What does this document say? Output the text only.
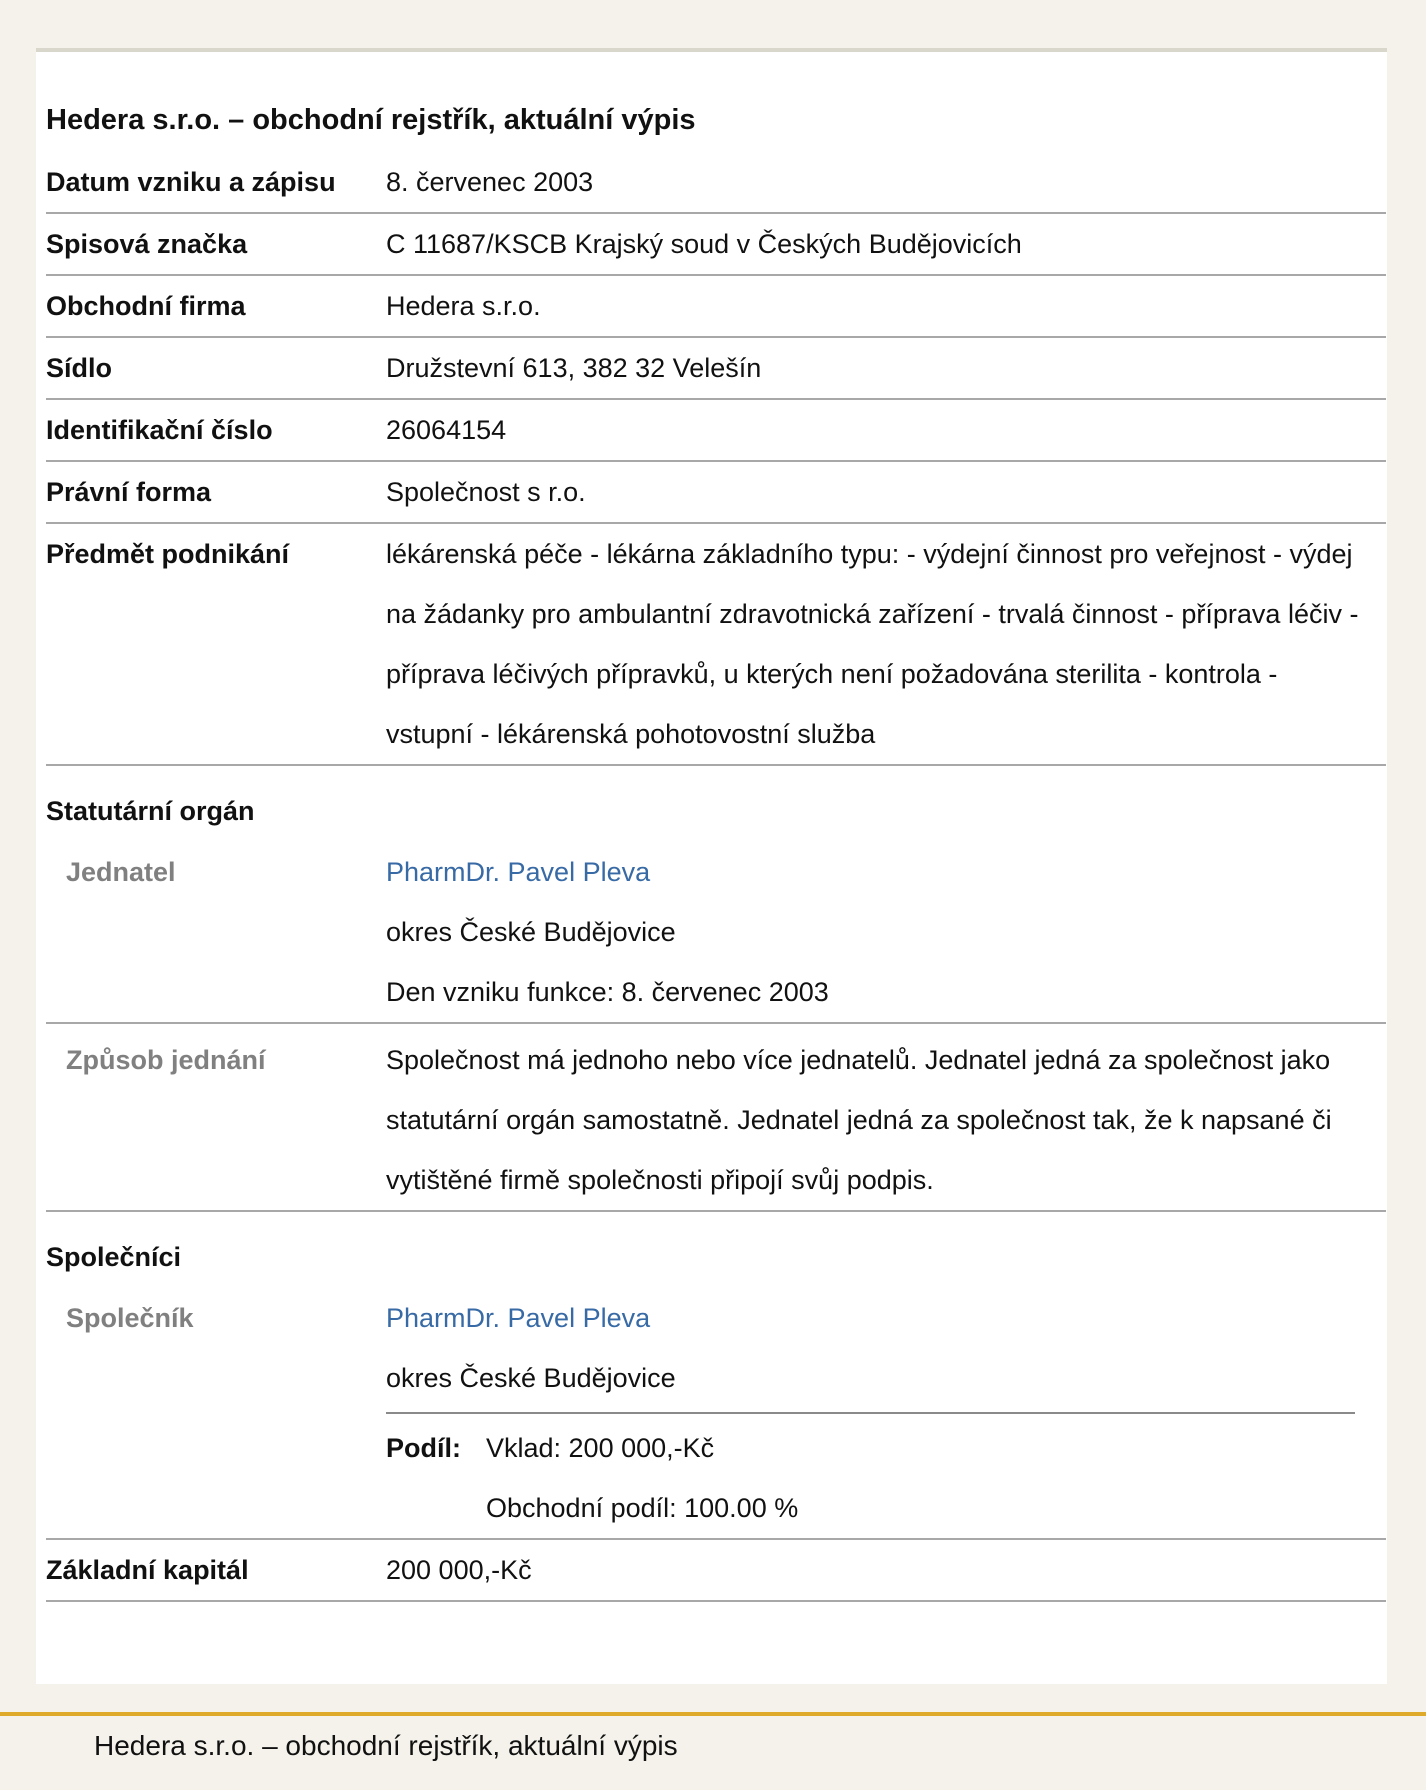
Hedera s.r.o. – obchodní rejstřík, aktuální výpis
Datum vzniku a zápisu	8. červenec 2003
Spisová značka	C 11687/KSCB Krajský soud v Českých Budějovicích
Obchodní firma	Hedera s.r.o.
Sídlo	Družstevní 613, 382 32 Velešín
Identifikační číslo	26064154
Právní forma	Společnost s r.o.
Předmět podnikání	lékárenská péče - lékárna základního typu: - výdejní činnost pro veřejnost - výdej na žádanky pro ambulantní zdravotnická zařízení - trvalá činnost - příprava léčiv - příprava léčivých přípravků, u kterých není požadována sterilita - kontrola - vstupní - lékárenská pohotovostní služba
Statutární orgán	
Jednatel	PharmDr. Pavel Pleva
okres České Budějovice
Den vzniku funkce: 8. červenec 2003

Způsob jednání	Společnost má jednoho nebo více jednatelů. Jednatel jedná za společnost jako statutární orgán samostatně. Jednatel jedná za společnost tak, že k napsané či vytištěné firmě společnosti připojí svůj podpis.
Společníci	
Společník	PharmDr. Pavel Pleva
okres České Budějovice
Podíl: Vklad: 200 000,-Kč
Obchodní podíl: 100.00 %

Základní kapitál	200 000,-Kč
Hedera s.r.o. – obchodní rejstřík, aktuální výpis
